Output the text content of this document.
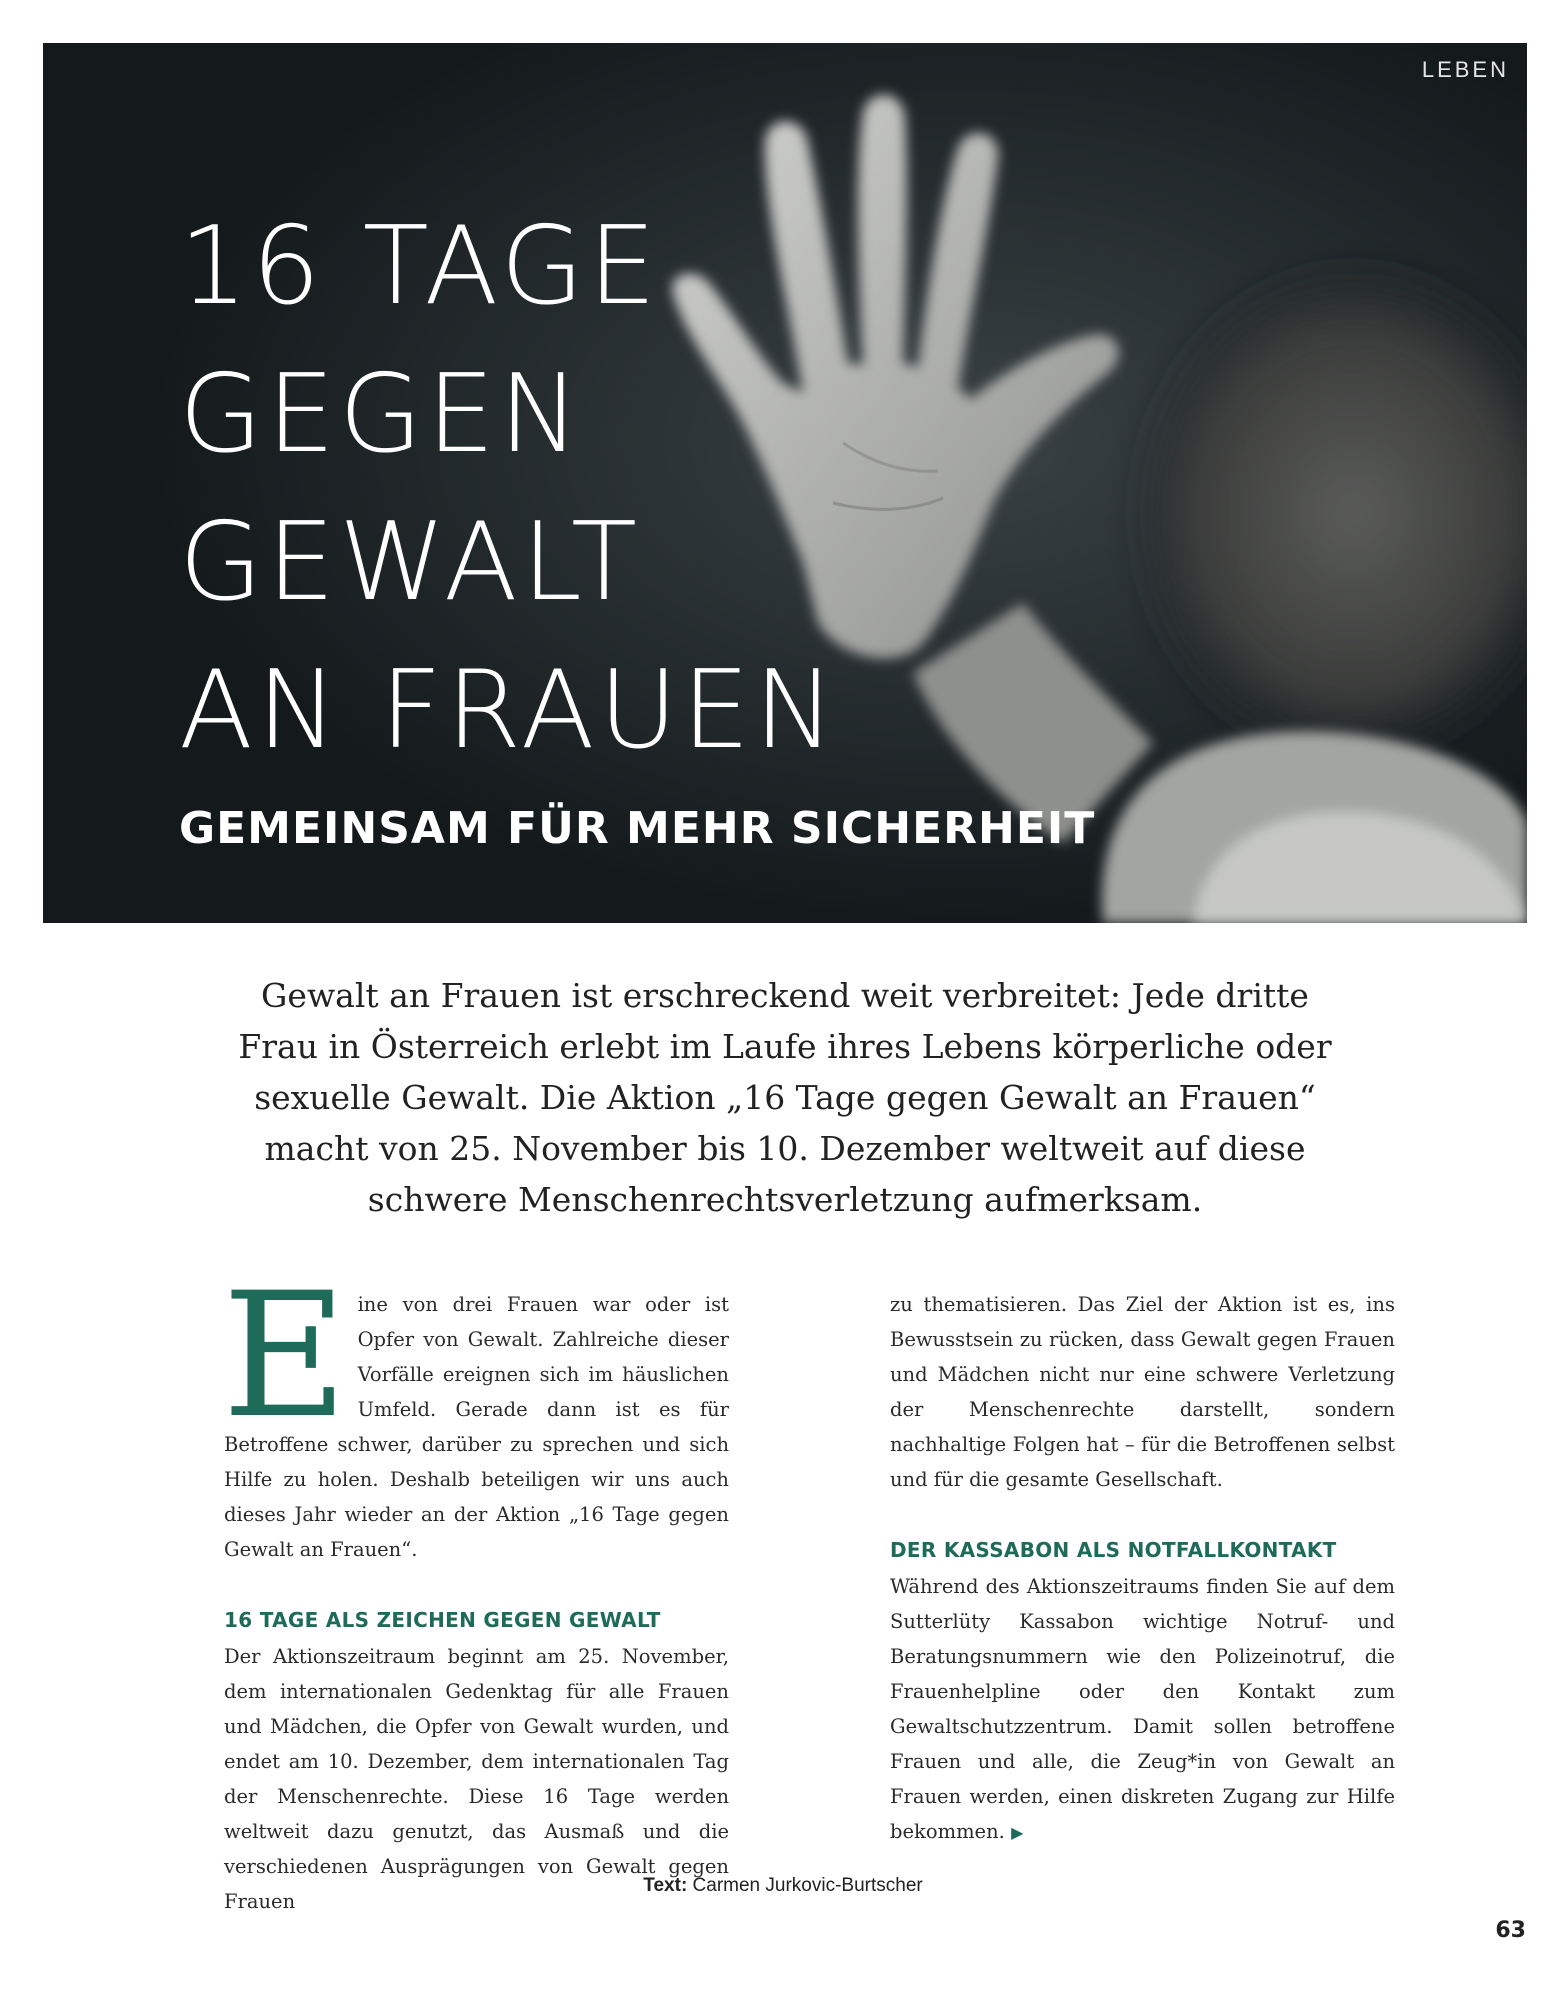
LEBEN
16 TAGE
GEGEN
GEWALT
AN FRAUEN
GEMEINSAM FÜR MEHR SICHERHEIT
Gewalt an Frauen ist erschreckend weit verbreitet: Jede dritte
Frau in Österreich erlebt im Laufe ihres Lebens körperliche oder
sexuelle Gewalt. Die Aktion „16 Tage gegen Gewalt an Frauen“
macht von 25. November bis 10. Dezember weltweit auf diese
schwere Menschenrechtsverletzung aufmerksam.

Eine von drei Frauen war oder ist Opfer von Gewalt. Zahlreiche dieser Vorfälle ereignen sich im häuslichen Umfeld. Gerade dann ist es für Betroffene schwer, darüber zu sprechen und sich Hilfe zu holen. Deshalb beteiligen wir uns auch dieses Jahr wieder an der Aktion „16 Tage gegen Gewalt an Frauen“.

16 TAGE ALS ZEICHEN GEGEN GEWALT

Der Aktionszeitraum beginnt am 25. November, dem internationalen Gedenktag für alle Frauen und Mädchen, die Opfer von Gewalt wurden, und endet am 10. Dezember, dem internationalen Tag der Menschenrechte. Diese 16 Tage werden weltweit dazu genutzt, das Ausmaß und die verschiedenen Ausprägungen von Gewalt gegen Frauen

zu thematisieren. Das Ziel der Aktion ist es, ins Bewusstsein zu rücken, dass Gewalt gegen Frauen und Mädchen nicht nur eine schwere Verletzung der Menschenrechte darstellt, sondern nachhaltige Folgen hat – für die Betroffenen selbst und für die gesamte Gesellschaft.

DER KASSABON ALS NOTFALLKONTAKT

Während des Aktionszeitraums finden Sie auf dem Sutterlüty Kassabon wichtige Notruf- und Beratungsnummern wie den Polizeinotruf, die Frauenhelpline oder den Kontakt zum Gewaltschutzzentrum. Damit sollen betroffene Frauen und alle, die Zeug*in von Gewalt an Frauen werden, einen diskreten Zugang zur Hilfe bekommen. ▶

Text: Carmen Jurkovic-Burtscher
63
